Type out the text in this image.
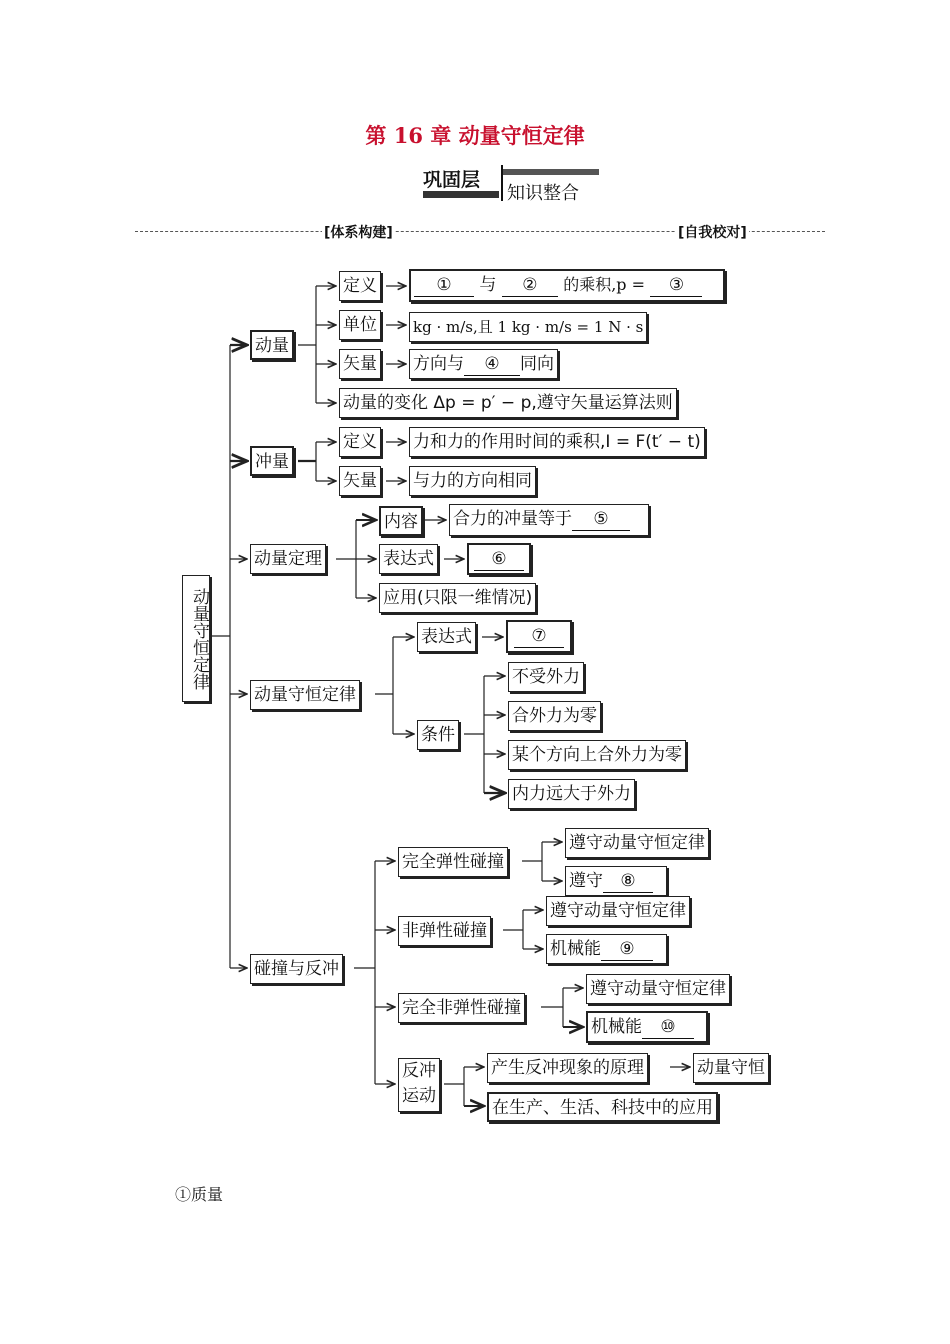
第 16 章 动量守恒定律
巩固层
知识整合
[体系构建]	[自我校对]
动量守恒定律
动量
定义	① 与 ② 的乘积,p = ③
单位 kg · m/s,且 1 kg · m/s = 1 N · s
矢量 方向与 ④ 同向
动量的变化 Δp = p′ − p,遵守矢量运算法则
冲量
定义 力和力的作用时间的乘积,I = F(t′ − t)
矢量 与力的方向相同
动量定理
内容 合力的冲量等于 ⑤
表达式	⑥
应用(只限一维情况)
动量守恒定律
表达式	⑦
条件
不受外力
合外力为零
某个方向上合外力为零
内力远大于外力
碰撞与反冲
完全弹性碰撞
遵守动量守恒定律
遵守 ⑧
非弹性碰撞
遵守动量守恒定律
机械能 ⑨
完全非弹性碰撞
遵守动量守恒定律
机械能 ⑩
反冲
运动
产生反冲现象的原理	动量守恒
在生产、生活、科技中的应用
①质量
